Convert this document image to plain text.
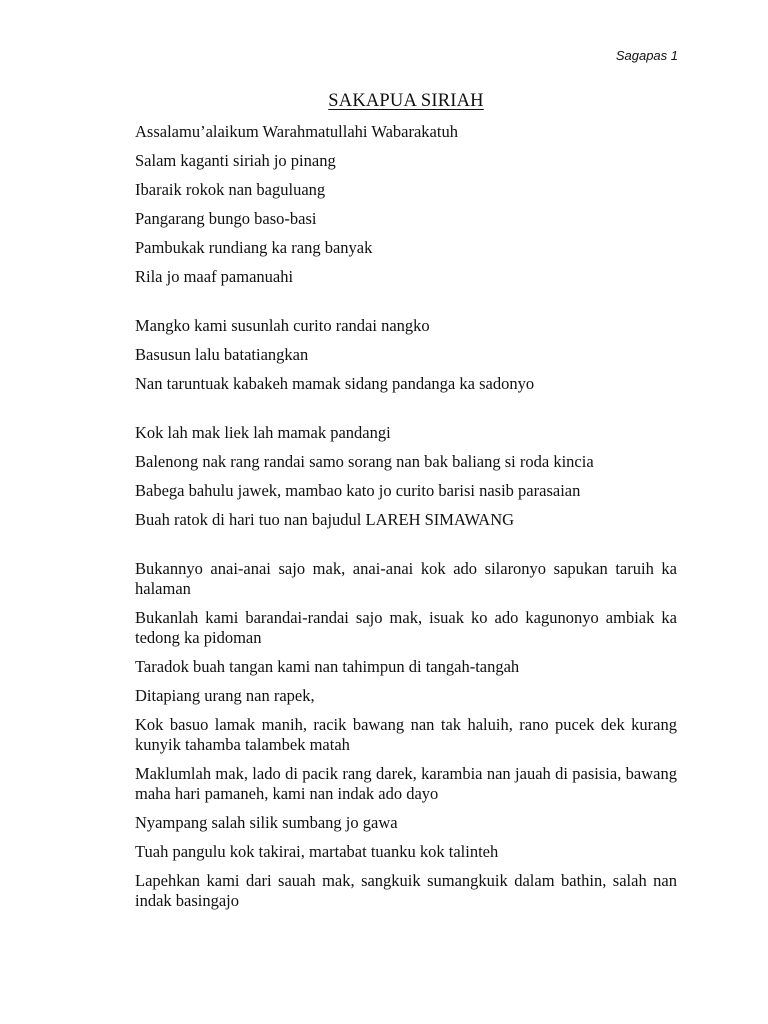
Sagapas 1
SAKAPUA SIRIAH

Assalamu’alaikum Warahmatullahi Wabarakatuh

Salam kaganti siriah jo pinang

Ibaraik rokok nan baguluang

Pangarang bungo baso-basi

Pambukak rundiang ka rang banyak

Rila jo maaf pamanuahi

Mangko kami susunlah curito randai nangko

Basusun lalu batatiangkan

Nan taruntuak kabakeh mamak sidang pandanga ka sadonyo

Kok lah mak liek lah mamak pandangi

Balenong nak rang randai samo sorang nan bak baliang si roda kincia

Babega bahulu jawek, mambao kato jo curito barisi nasib parasaian

Buah ratok di hari tuo nan bajudul LAREH SIMAWANG

Bukannyo anai-anai sajo mak, anai-anai kok ado silaronyo sapukan taruih ka halaman

Bukanlah kami barandai-randai sajo mak, isuak ko ado kagunonyo ambiak ka tedong ka pidoman

Taradok buah tangan kami nan tahimpun di tangah-tangah

Ditapiang urang nan rapek,

Kok basuo lamak manih, racik bawang nan tak haluih, rano pucek dek kurang kunyik tahamba talambek matah

Maklumlah mak, lado di pacik rang darek, karambia nan jauah di pasisia, bawang maha hari pamaneh, kami nan indak ado dayo

Nyampang salah silik sumbang jo gawa

Tuah pangulu kok takirai, martabat tuanku kok talinteh

Lapehkan kami dari sauah mak, sangkuik sumangkuik dalam bathin, salah nan indak basingajo
